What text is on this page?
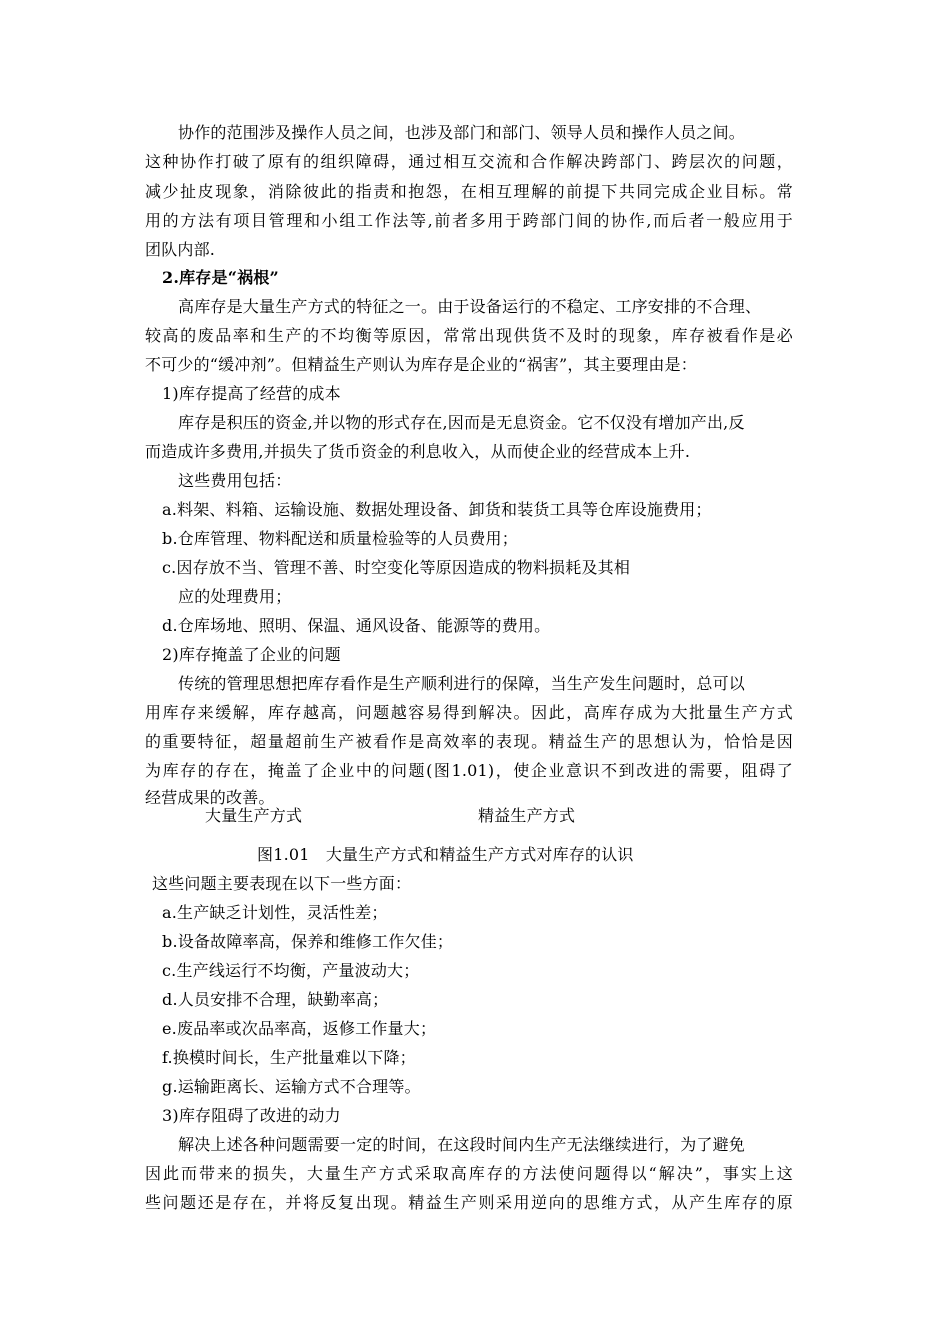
协作的范围涉及操作人员之间，也涉及部门和部门、领导人员和操作人员之间。
这种协作打破了原有的组织障碍，通过相互交流和合作解决跨部门、跨层次的问题，
减少扯皮现象，消除彼此的指责和抱怨，在相互理解的前提下共同完成企业目标。常
用的方法有项目管理和小组工作法等,前者多用于跨部门间的协作,而后者一般应用于
团队内部.
2.库存是“祸根”
高库存是大量生产方式的特征之一。由于设备运行的不稳定、工序安排的不合理、
较高的废品率和生产的不均衡等原因，常常出现供货不及时的现象，库存被看作是必
不可少的“缓冲剂”。但精益生产则认为库存是企业的“祸害”，其主要理由是：
1)库存提高了经营的成本
库存是积压的资金,并以物的形式存在,因而是无息资金。它不仅没有增加产出,反
而造成许多费用,并损失了货币资金的利息收入，从而使企业的经营成本上升.
这些费用包括：
a.料架、料箱、运输设施、数据处理设备、卸货和装货工具等仓库设施费用；
b.仓库管理、物料配送和质量检验等的人员费用；
c.因存放不当、管理不善、时空变化等原因造成的物料损耗及其相
应的处理费用；
d.仓库场地、照明、保温、通风设备、能源等的费用。
2)库存掩盖了企业的问题
传统的管理思想把库存看作是生产顺利进行的保障，当生产发生问题时，总可以
用库存来缓解，库存越高，问题越容易得到解决。因此，高库存成为大批量生产方式
的重要特征，超量超前生产被看作是高效率的表现。精益生产的思想认为，恰恰是因
为库存的存在，掩盖了企业中的问题(图1.01)，使企业意识不到改进的需要，阻碍了
经营成果的改善。
大量生产方式	精益生产方式
图1.01　大量生产方式和精益生产方式对库存的认识
这些问题主要表现在以下一些方面：
a.生产缺乏计划性，灵活性差；
b.设备故障率高，保养和维修工作欠佳；
c.生产线运行不均衡，产量波动大；
d.人员安排不合理，缺勤率高；
e.废品率或次品率高，返修工作量大；
f.换模时间长，生产批量难以下降；
g.运输距离长、运输方式不合理等。
3)库存阻碍了改进的动力
解决上述各种问题需要一定的时间，在这段时间内生产无法继续进行，为了避免
因此而带来的损失，大量生产方式采取高库存的方法使问题得以“解决”，事实上这
些问题还是存在，并将反复出现。精益生产则采用逆向的思维方式，从产生库存的原
